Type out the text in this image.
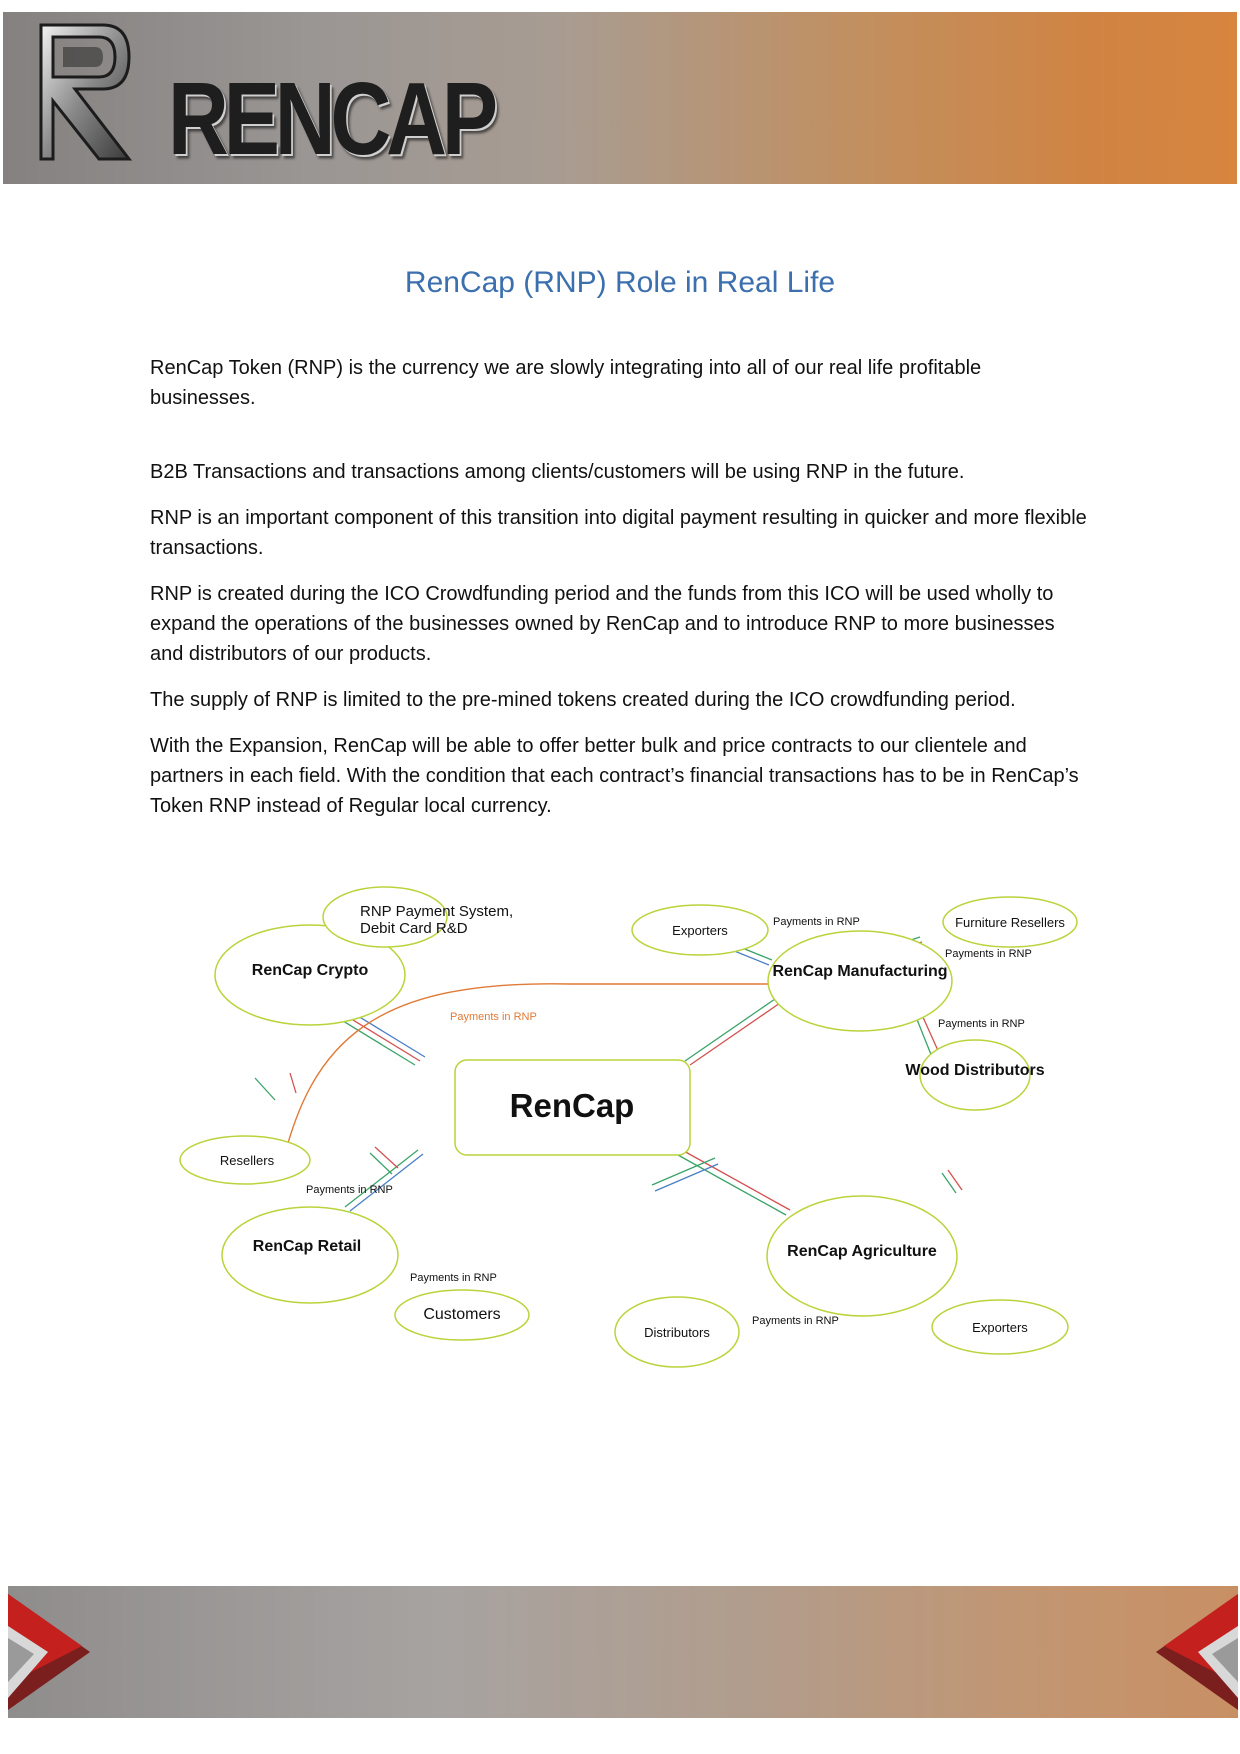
RENCAP
RenCap (RNP) Role in Real Life

RenCap Token (RNP) is the currency we are slowly integrating into all of our real life profitable businesses.

B2B Transactions and transactions among clients/customers will be using RNP in the future.

RNP is an important component of this transition into digital payment resulting in quicker and more flexible transactions.

RNP is created during the ICO Crowdfunding period and the funds from this ICO will be used wholly to expand the operations of the businesses owned by RenCap and to introduce RNP to more businesses and distributors of our products.

The supply of RNP is limited to the pre-mined tokens created during the ICO crowdfunding period.

With the Expansion, RenCap will be able to offer better bulk and price contracts to our clientele and partners in each field. With the condition that each contract’s financial transactions has to be in RenCap’s Token RNP instead of Regular local currency.

RenCap Crypto	RenCap Manufacturing
RenCap Retail	RenCap Agriculture
Wood Distributors
RNP Payment System,
Debit Card R&D
Customers
Exporters
Furniture Resellers
Resellers
Distributors	Exporters
RenCap
Payments in RNP
Payments in RNP
Payments in RNP
Payments in RNP
Payments in RNP
Payments in RNP
Payments in RNP
